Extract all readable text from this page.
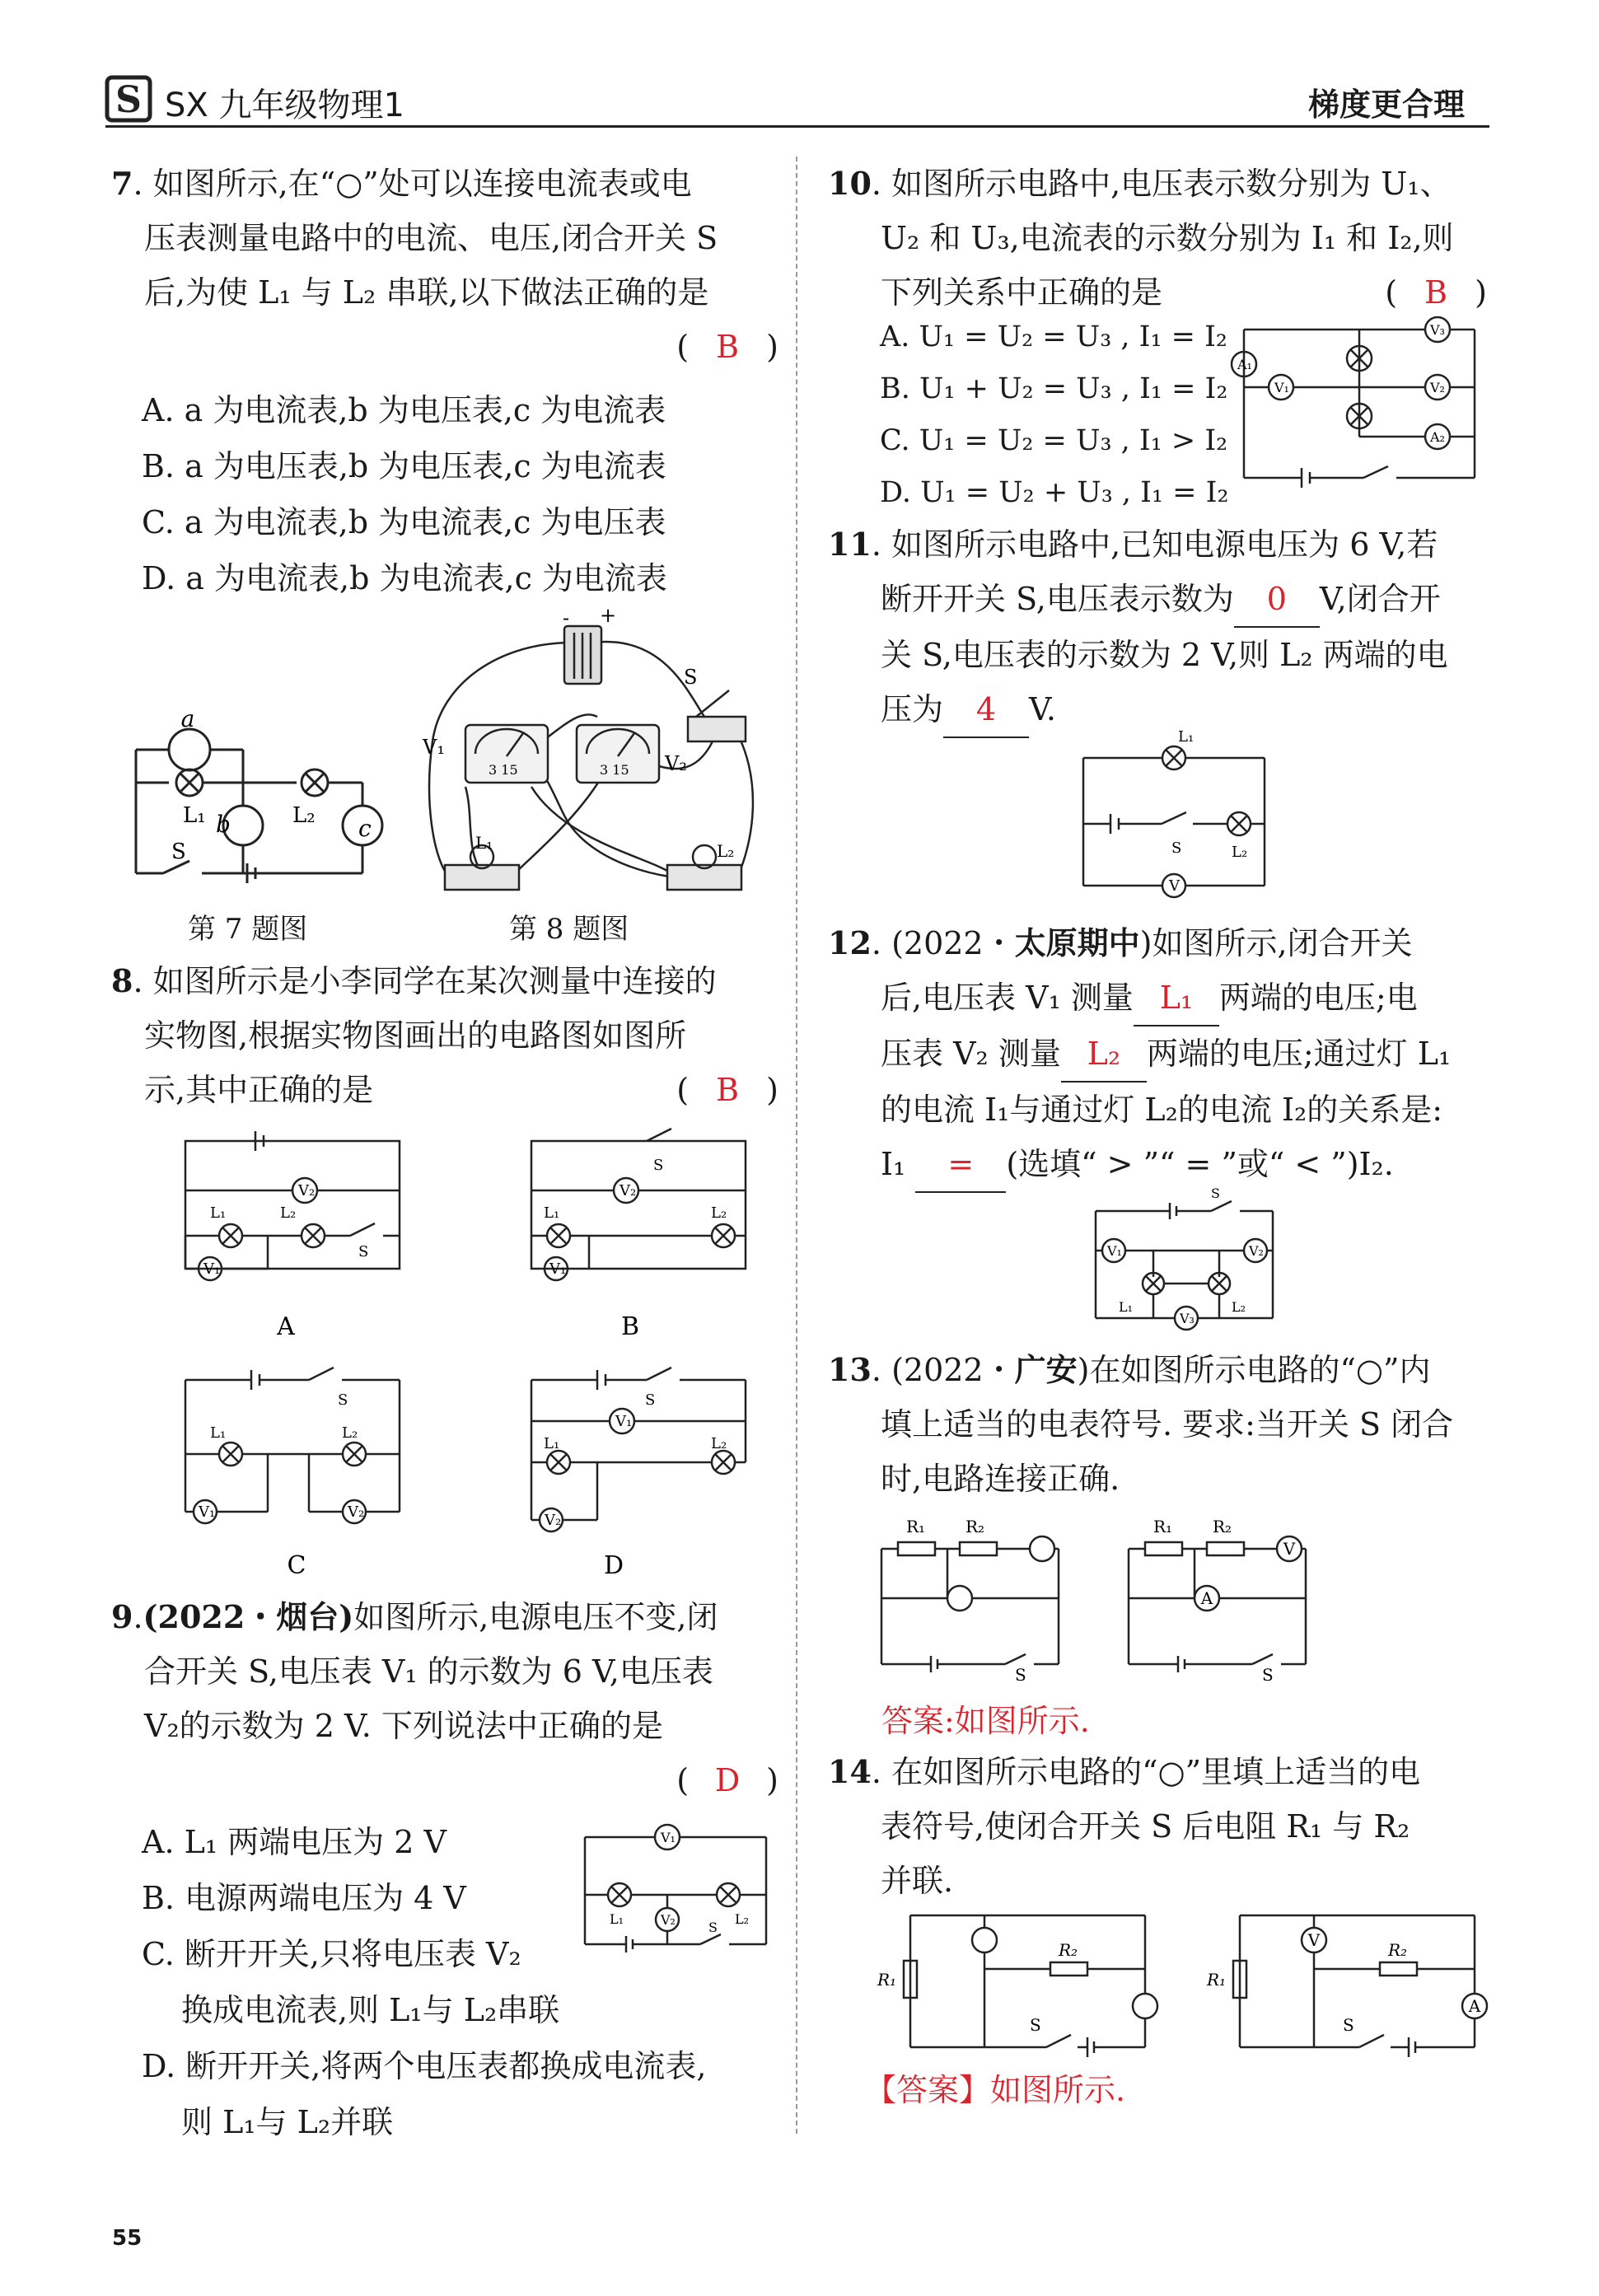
S SX 九年级物理1	梯度更合理
7. 如图所示,在“○”处可以连接电流表或电
压表测量电路中的电流、电压,闭合开关 S
后,为使 L₁ 与 L₂ 串联,以下做法正确的是
( B )
A. a 为电流表,b 为电压表,c 为电流表
B. a 为电压表,b 为电压表,c 为电流表
C. a 为电流表,b 为电流表,c 为电压表
D. a 为电流表,b 为电流表,c 为电流表
a
L₁ b	L₂ c
S
第 7 题图
- +
V₁
V₂
3 15	3 15
S
L₁	L₂
第 8 题图
8. 如图所示是小李同学在某次测量中连接的
实物图,根据实物图画出的电路图如图所
示,其中正确的是	( B )
V₂
V₁
L₁	L₂
S
V₂
V₁
L₁	L₂
S
V₁	V₂
L₁	L₂
S
V₁
V₂
L₁	L₂
S
A	B
C	D
9.(2022・烟台)如图所示,电源电压不变,闭
合开关 S,电压表 V₁ 的示数为 6 V,电压表
V₂的示数为 2 V. 下列说法中正确的是
( D )
A. L₁ 两端电压为 2 V
B. 电源两端电压为 4 V
C. 断开开关,只将电压表 V₂
换成电流表,则 L₁与 L₂串联
D. 断开开关,将两个电压表都换成电流表,
则 L₁与 L₂并联
V₁
V₂
L₁	L₂
S
10. 如图所示电路中,电压表示数分别为 U₁、
U₂ 和 U₃,电流表的示数分别为 I₁ 和 I₂,则
下列关系中正确的是	( B )
A. U₁ = U₂ = U₃ , I₁ = I₂
B. U₁ + U₂ = U₃ , I₁ = I₂
C. U₁ = U₂ = U₃ , I₁ > I₂
D. U₁ = U₂ + U₃ , I₁ = I₂
A₁
A₂
V₁	V₂
V₃
11. 如图所示电路中,已知电源电压为 6 V,若
断开开关 S,电压表示数为 0 V,闭合开
关 S,电压表的示数为 2 V,则 L₂ 两端的电
压为 4 V.
L₁
L₂
S
V
12. (2022・太原期中)如图所示,闭合开关
后,电压表 V₁ 测量 L₁ 两端的电压;电
压表 V₂ 测量 L₂ 两端的电压;通过灯 L₁
的电流 I₁与通过灯 L₂的电流 I₂的关系是:
I₁ = (选填“ > ”“ = ”或“ < ”)I₂.
S
V₁	V₂
V₃
L₁	L₂
13. (2022・广安)在如图所示电路的“○”内
填上适当的电表符号. 要求:当开关 S 闭合
时,电路连接正确.
R₁ R₂
S
R₁ R₂
S
A
V
答案:如图所示.
14. 在如图所示电路的“○”里填上适当的电
表符号,使闭合开关 S 后电阻 R₁ 与 R₂
并联.
R₁
R₂
S
R₁
R₂
S
V
A
【答案】如图所示.
55
